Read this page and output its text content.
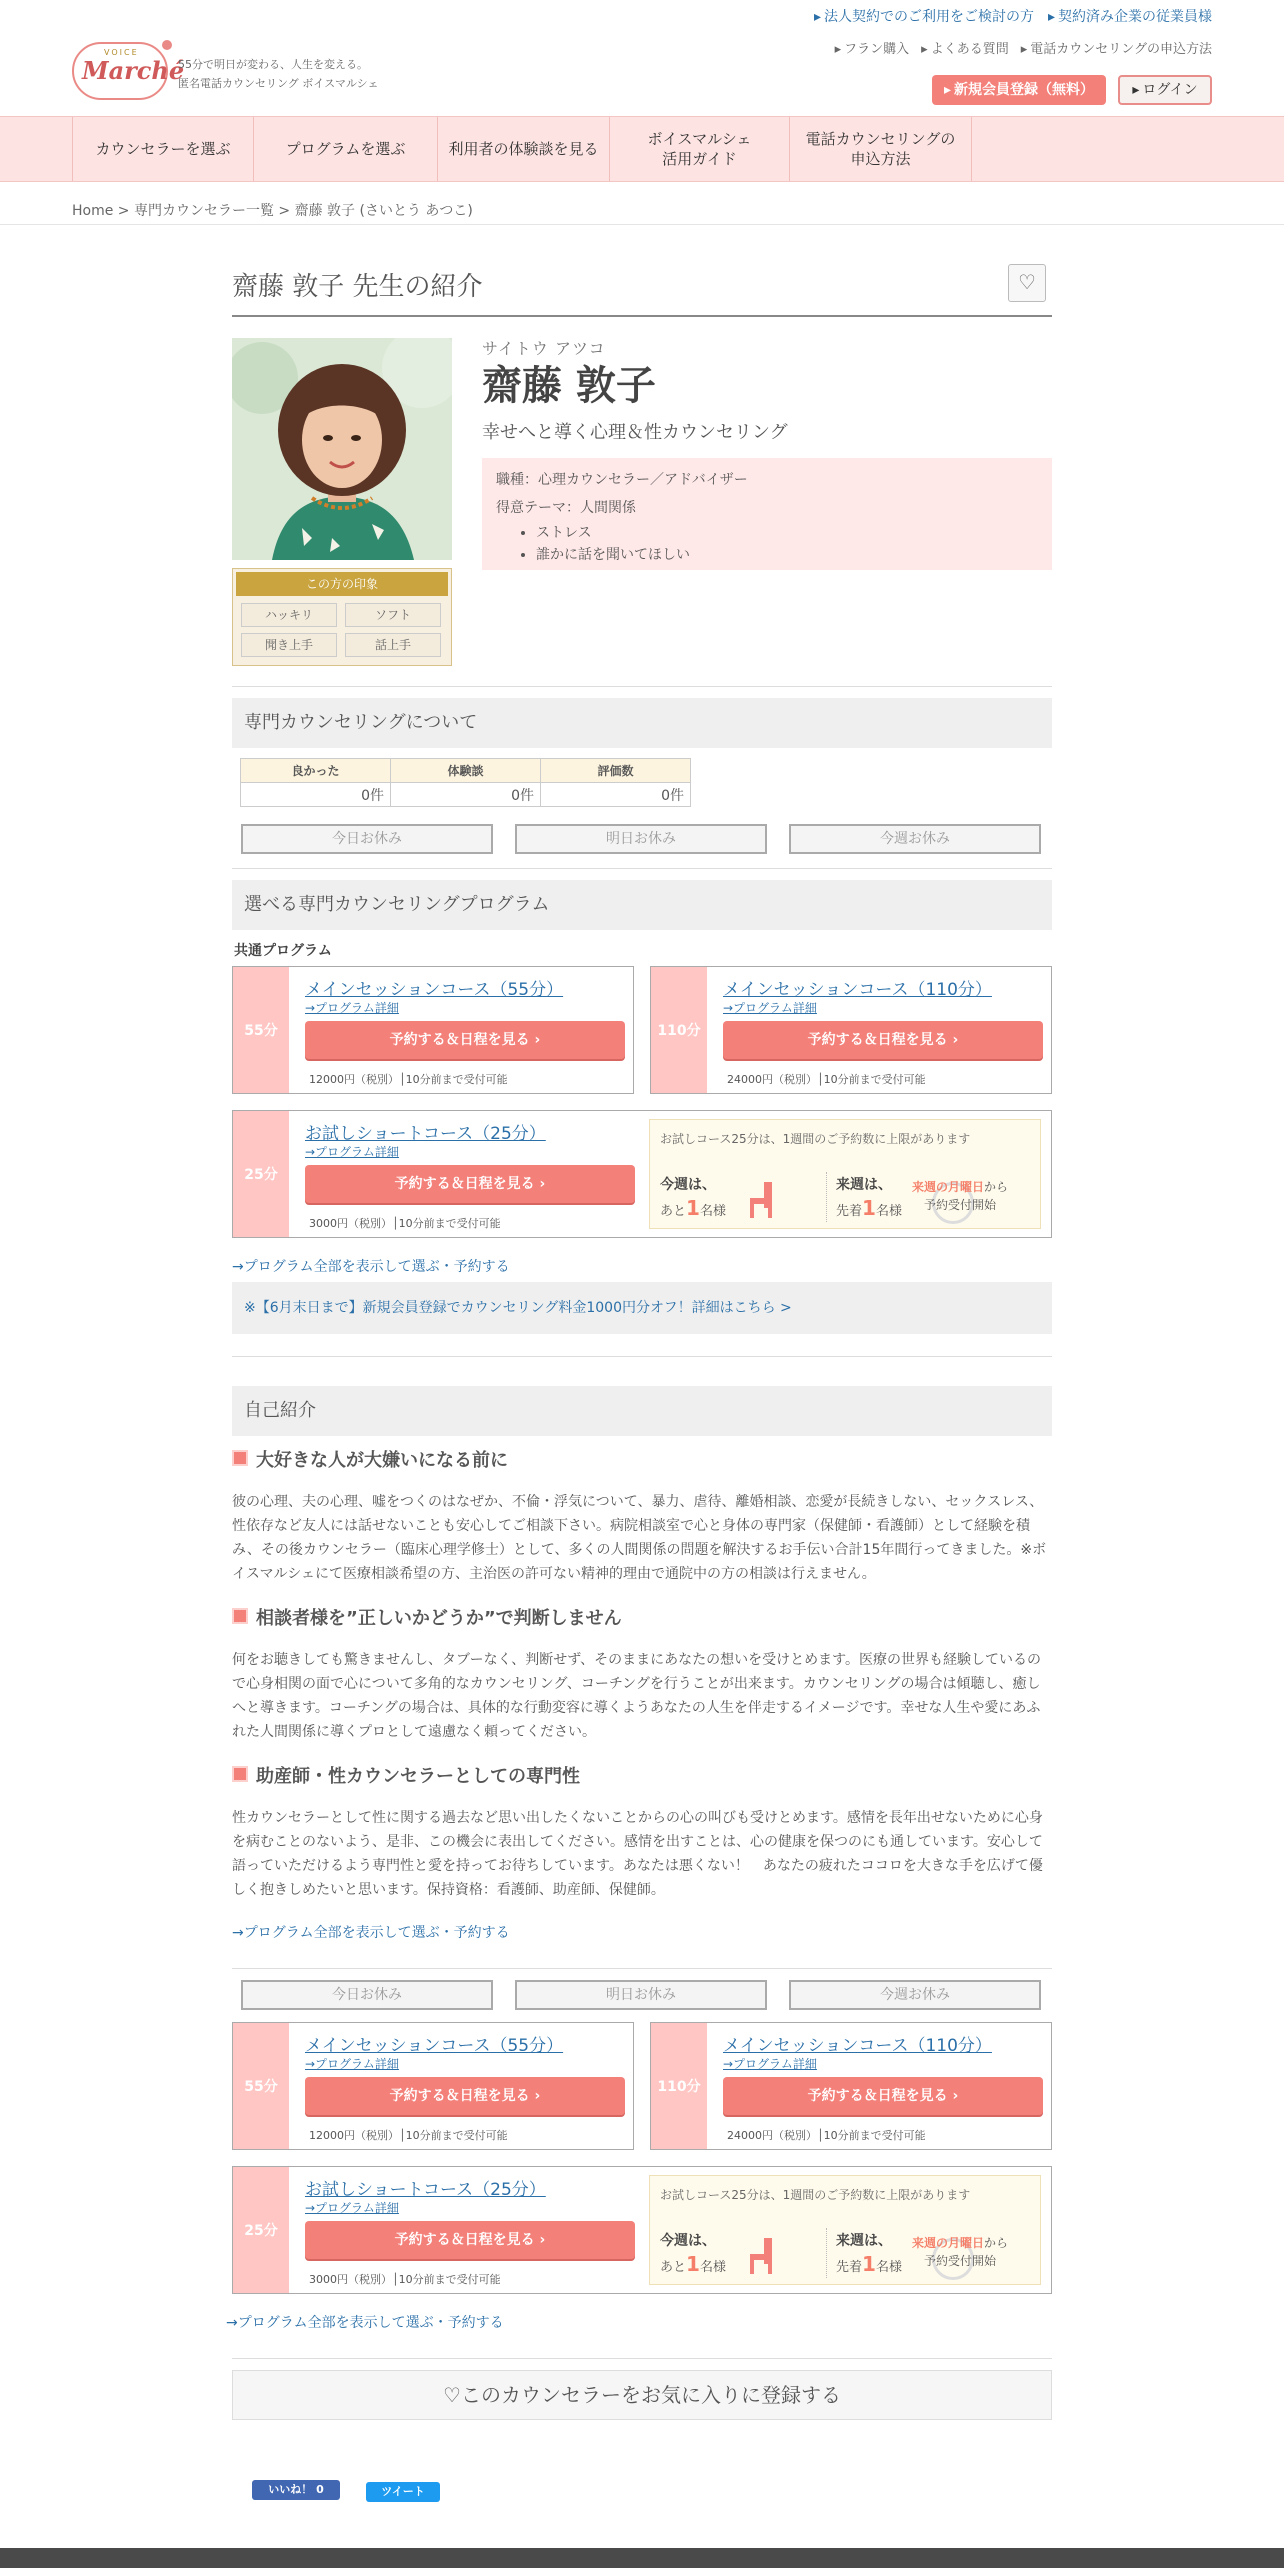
▸ 法人契約でのご利用をご検討の方	▸ 契約済み企業の従業員様
▸ フラン購入	▸ よくある質問	▸ 電話カウンセリングの申込方法
VOICE
Marché
55分で明日が変わる、人生を変える。
匿名電話カウンセリング ボイスマルシェ	▸ 新規会員登録（無料）	▸ ログイン
カウンセラーを選ぶ	プログラムを選ぶ	利用者の体験談を見る
ボイスマルシェ
活用ガイド
電話カウンセリングの
申込方法
Home > 専門カウンセラー一覧 > 齋藤 敦子 (さいとう あつこ)
齋藤 敦子 先生の紹介	♡
この方の印象
ハッキリ	ソフト
聞き上手	話上手
サイトウ アツコ
齋藤 敦子
幸せへと導く心理＆性カウンセリング
職種：心理カウンセラー／アドバイザー
得意テーマ：人間関係
• ストレス
• 誰かに話を聞いてほしい
専門カウンセリングについて
良かった	体験談	評価数
0件	0件	0件
今日お休み	明日お休み	今週お休み
選べる専門カウンセリングプログラム
共通プログラム
55分
メインセッションコース（55分）
→プログラム詳細
予約する＆日程を見る ›
12000円（税別）│10分前まで受付可能
110分
メインセッションコース（110分）
→プログラム詳細
予約する＆日程を見る ›
24000円（税別）│10分前まで受付可能
25分
お試しショートコース（25分）
→プログラム詳細
予約する＆日程を見る ›
3000円（税別）│10分前まで受付可能
お試しコース25分は、1週間のご予約数に上限があります
今週は、
あと1名様
来週は、
先着1名様
来週の月曜日から
予約受付開始
→プログラム全部を表示して選ぶ・予約する
※【6月末日まで】新規会員登録でカウンセリング料金1000円分オフ！詳細はこちら >
自己紹介
大好きな人が大嫌いになる前に
彼の心理、夫の心理、嘘をつくのはなぜか、不倫・浮気について、暴力、虐待、離婚相談、恋愛が長続きしない、セックスレス、性依存など友人には話せないことも安心してご相談下さい。病院相談室で心と身体の専門家（保健師・看護師）として経験を積み、その後カウンセラー（臨床心理学修士）として、多くの人間関係の問題を解決するお手伝い合計15年間行ってきました。※ボイスマルシェにて医療相談希望の方、主治医の許可ない精神的理由で通院中の方の相談は行えません。
相談者様を”正しいかどうか”で判断しません
何をお聴きしても驚きませんし、タブーなく、判断せず、そのままにあなたの想いを受けとめます。医療の世界も経験しているので心身相関の面で心について多角的なカウンセリング、コーチングを行うことが出来ます。カウンセリングの場合は傾聴し、癒しへと導きます。コーチングの場合は、具体的な行動変容に導くようあなたの人生を伴走するイメージです。幸せな人生や愛にあふれた人間関係に導くプロとして遠慮なく頼ってください。
助産師・性カウンセラーとしての専門性
性カウンセラーとして性に関する過去など思い出したくないことからの心の叫びも受けとめます。感情を長年出せないために心身を病むことのないよう、是非、この機会に表出してください。感情を出すことは、心の健康を保つのにも通しています。安心して語っていただけるよう専門性と愛を持ってお待ちしています。あなたは悪くない！　あなたの疲れたココロを大きな手を広げて優しく抱きしめたいと思います。保持資格：看護師、助産師、保健師。
→プログラム全部を表示して選ぶ・予約する
今日お休み	明日お休み	今週お休み
55分
メインセッションコース（55分）
→プログラム詳細
予約する＆日程を見る ›
12000円（税別）│10分前まで受付可能
110分
メインセッションコース（110分）
→プログラム詳細
予約する＆日程を見る ›
24000円（税別）│10分前まで受付可能
25分
お試しショートコース（25分）
→プログラム詳細
予約する＆日程を見る ›
3000円（税別）│10分前まで受付可能
お試しコース25分は、1週間のご予約数に上限があります
今週は、
あと1名様
来週は、
先着1名様
来週の月曜日から
予約受付開始
→プログラム全部を表示して選ぶ・予約する
♡このカウンセラーをお気に入りに登録する
いいね！ 0	ツイート
